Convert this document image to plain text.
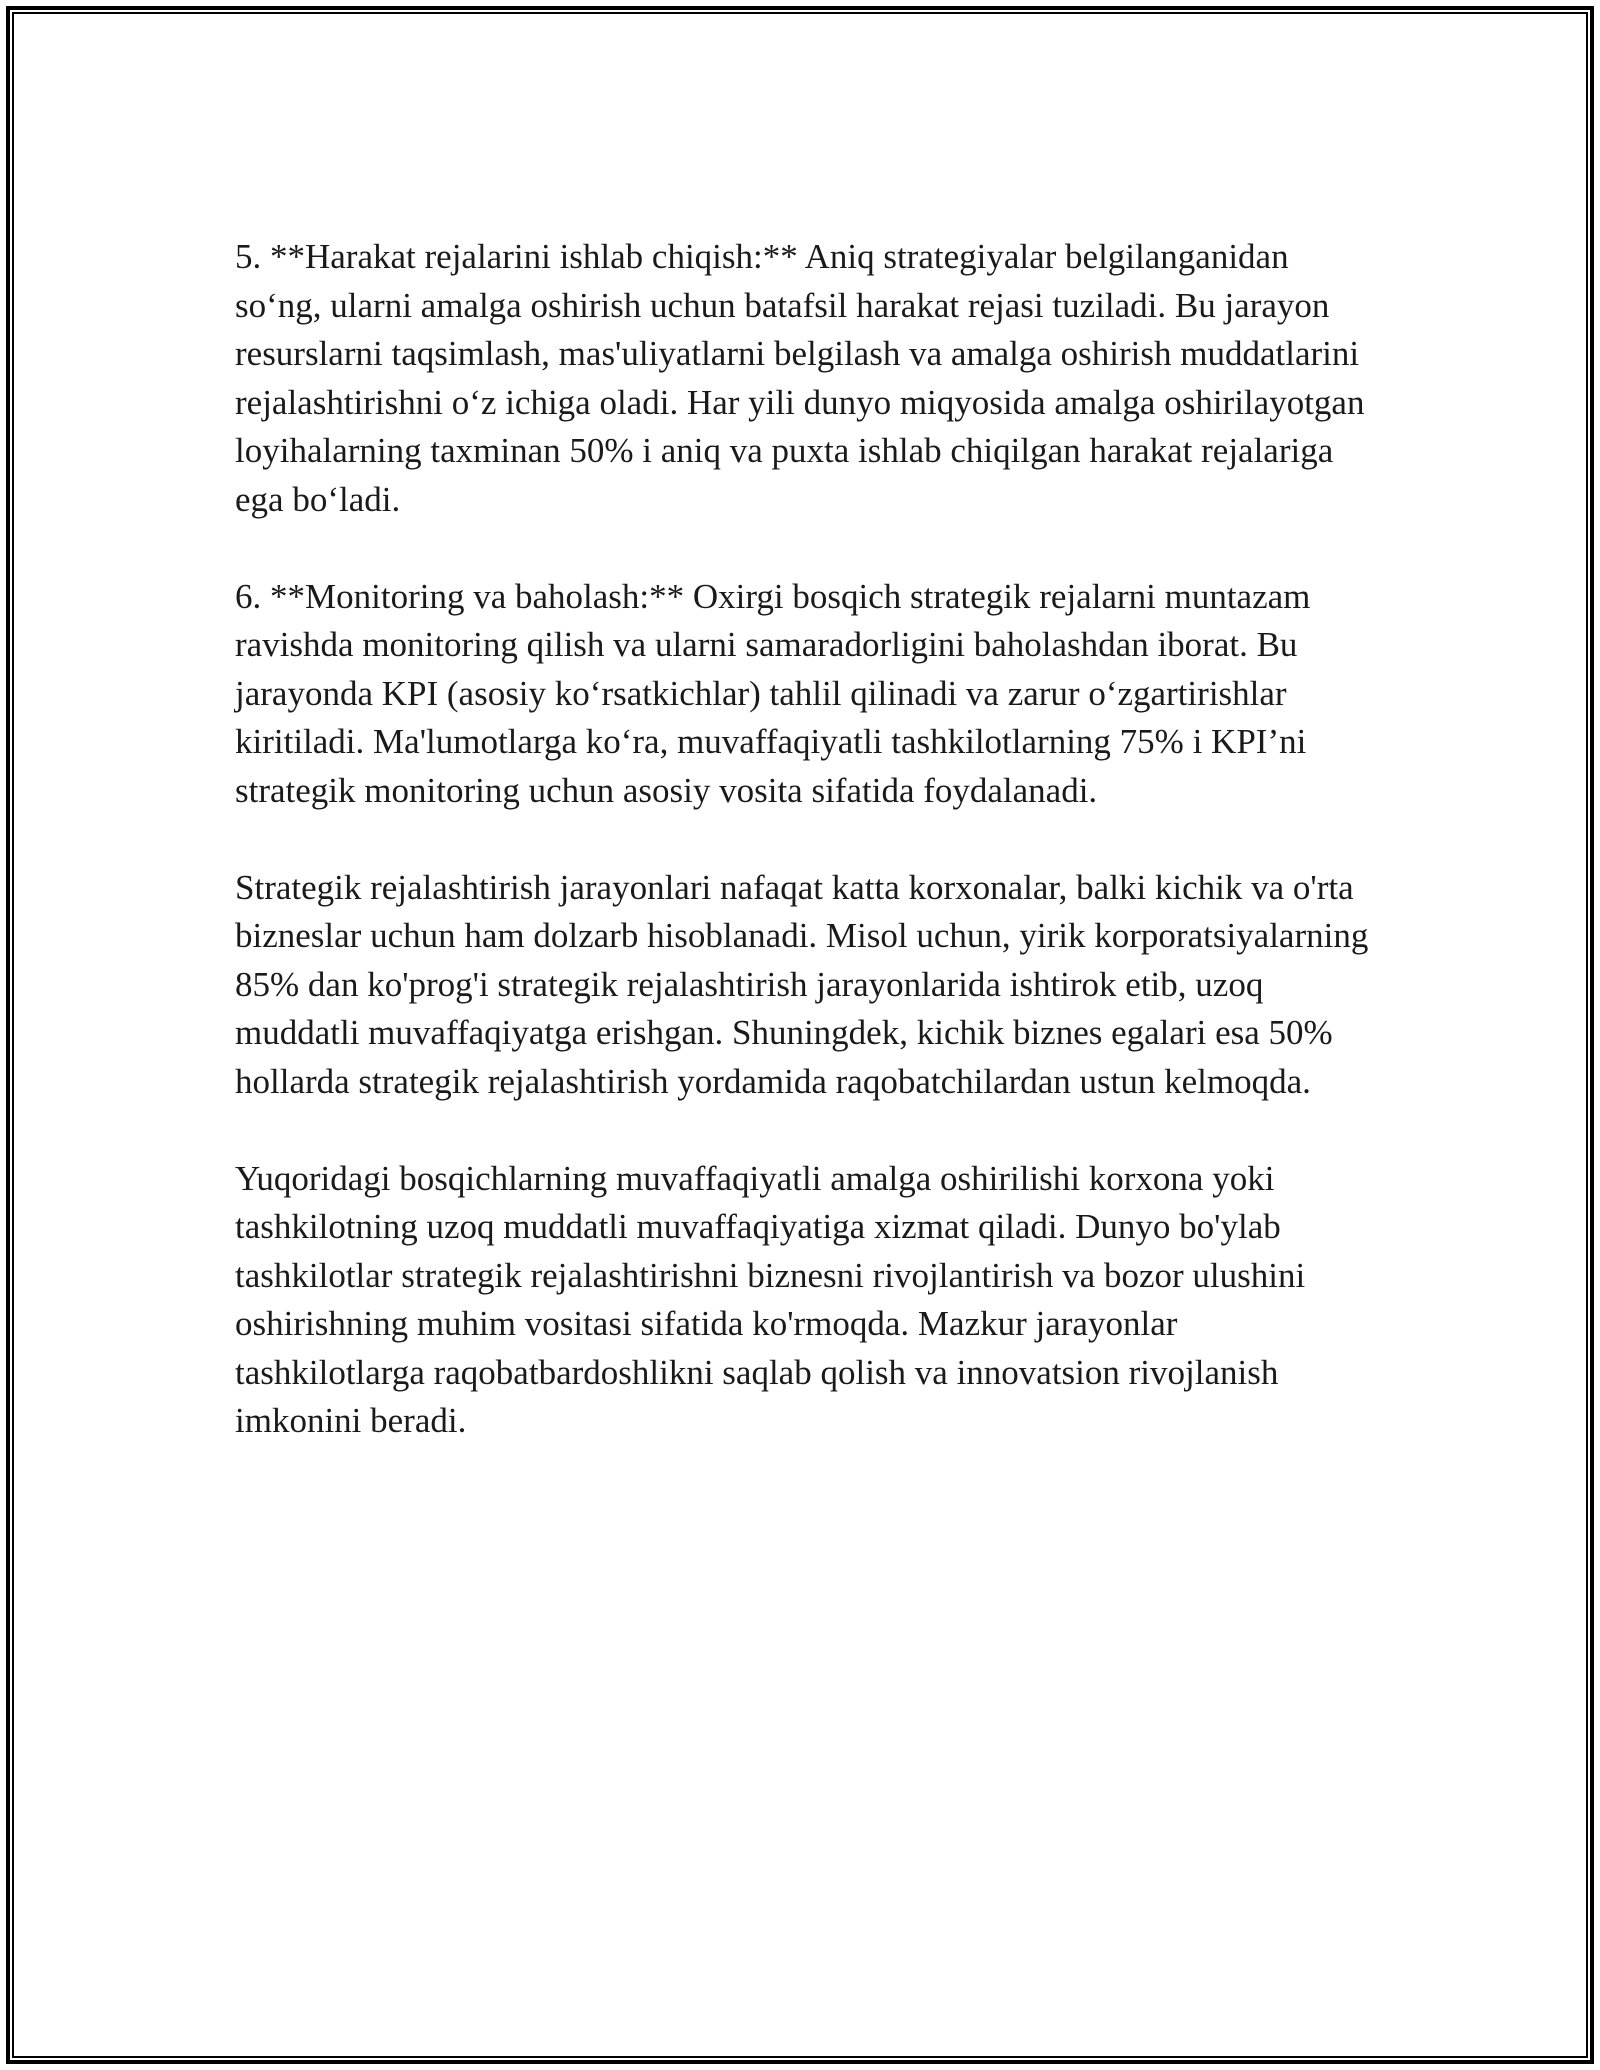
5. **Harakat rejalarini ishlab chiqish:** Aniq strategiyalar belgilanganidan so‘ng, ularni amalga oshirish uchun batafsil harakat rejasi tuziladi. Bu jarayon resurslarni taqsimlash, mas'uliyatlarni belgilash va amalga oshirish muddatlarini rejalashtirishni o‘z ichiga oladi. Har yili dunyo miqyosida amalga oshirilayotgan loyihalarning taxminan 50% i aniq va puxta ishlab chiqilgan harakat rejalariga ega bo‘ladi.

6. **Monitoring va baholash:** Oxirgi bosqich strategik rejalarni muntazam ravishda monitoring qilish va ularni samaradorligini baholashdan iborat. Bu jarayonda KPI (asosiy ko‘rsatkichlar) tahlil qilinadi va zarur o‘zgartirishlar kiritiladi. Ma'lumotlarga ko‘ra, muvaffaqiyatli tashkilotlarning 75% i KPI’ni strategik monitoring uchun asosiy vosita sifatida foydalanadi.

Strategik rejalashtirish jarayonlari nafaqat katta korxonalar, balki kichik va o'rta bizneslar uchun ham dolzarb hisoblanadi. Misol uchun, yirik korporatsiyalarning 85% dan ko'prog'i strategik rejalashtirish jarayonlarida ishtirok etib, uzoq muddatli muvaffaqiyatga erishgan. Shuningdek, kichik biznes egalari esa 50% hollarda strategik rejalashtirish yordamida raqobatchilardan ustun kelmoqda.

Yuqoridagi bosqichlarning muvaffaqiyatli amalga oshirilishi korxona yoki tashkilotning uzoq muddatli muvaffaqiyatiga xizmat qiladi. Dunyo bo'ylab tashkilotlar strategik rejalashtirishni biznesni rivojlantirish va bozor ulushini oshirishning muhim vositasi sifatida ko'rmoqda. Mazkur jarayonlar tashkilotlarga raqobatbardoshlikni saqlab qolish va innovatsion rivojlanish imkonini beradi.
